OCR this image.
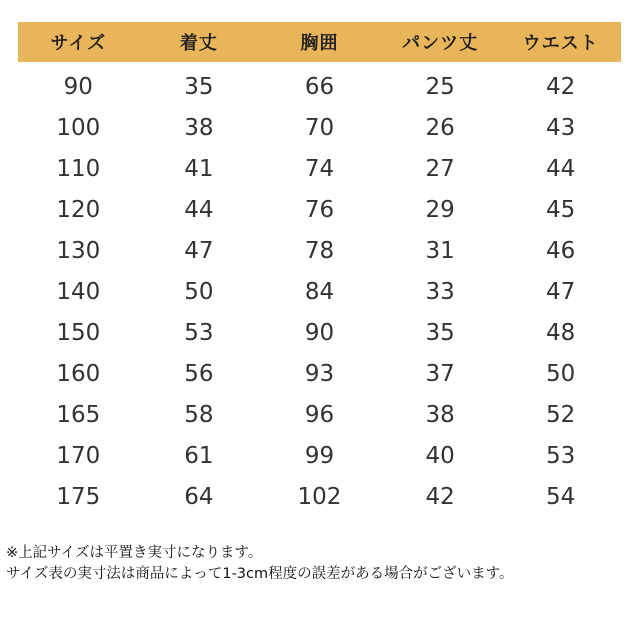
サイズ	着丈	胸囲	パンツ丈	ウエスト
90	35	66	25	42
100	38	70	26	43
110	41	74	27	44
120	44	76	29	45
130	47	78	31	46
140	50	84	33	47
150	53	90	35	48
160	56	93	37	50
165	58	96	38	52
170	61	99	40	53
175	64	102	42	54
※上記サイズは平置き実寸になります。
サイズ表の実寸法は商品によって1-3cm程度の誤差がある場合がございます。
